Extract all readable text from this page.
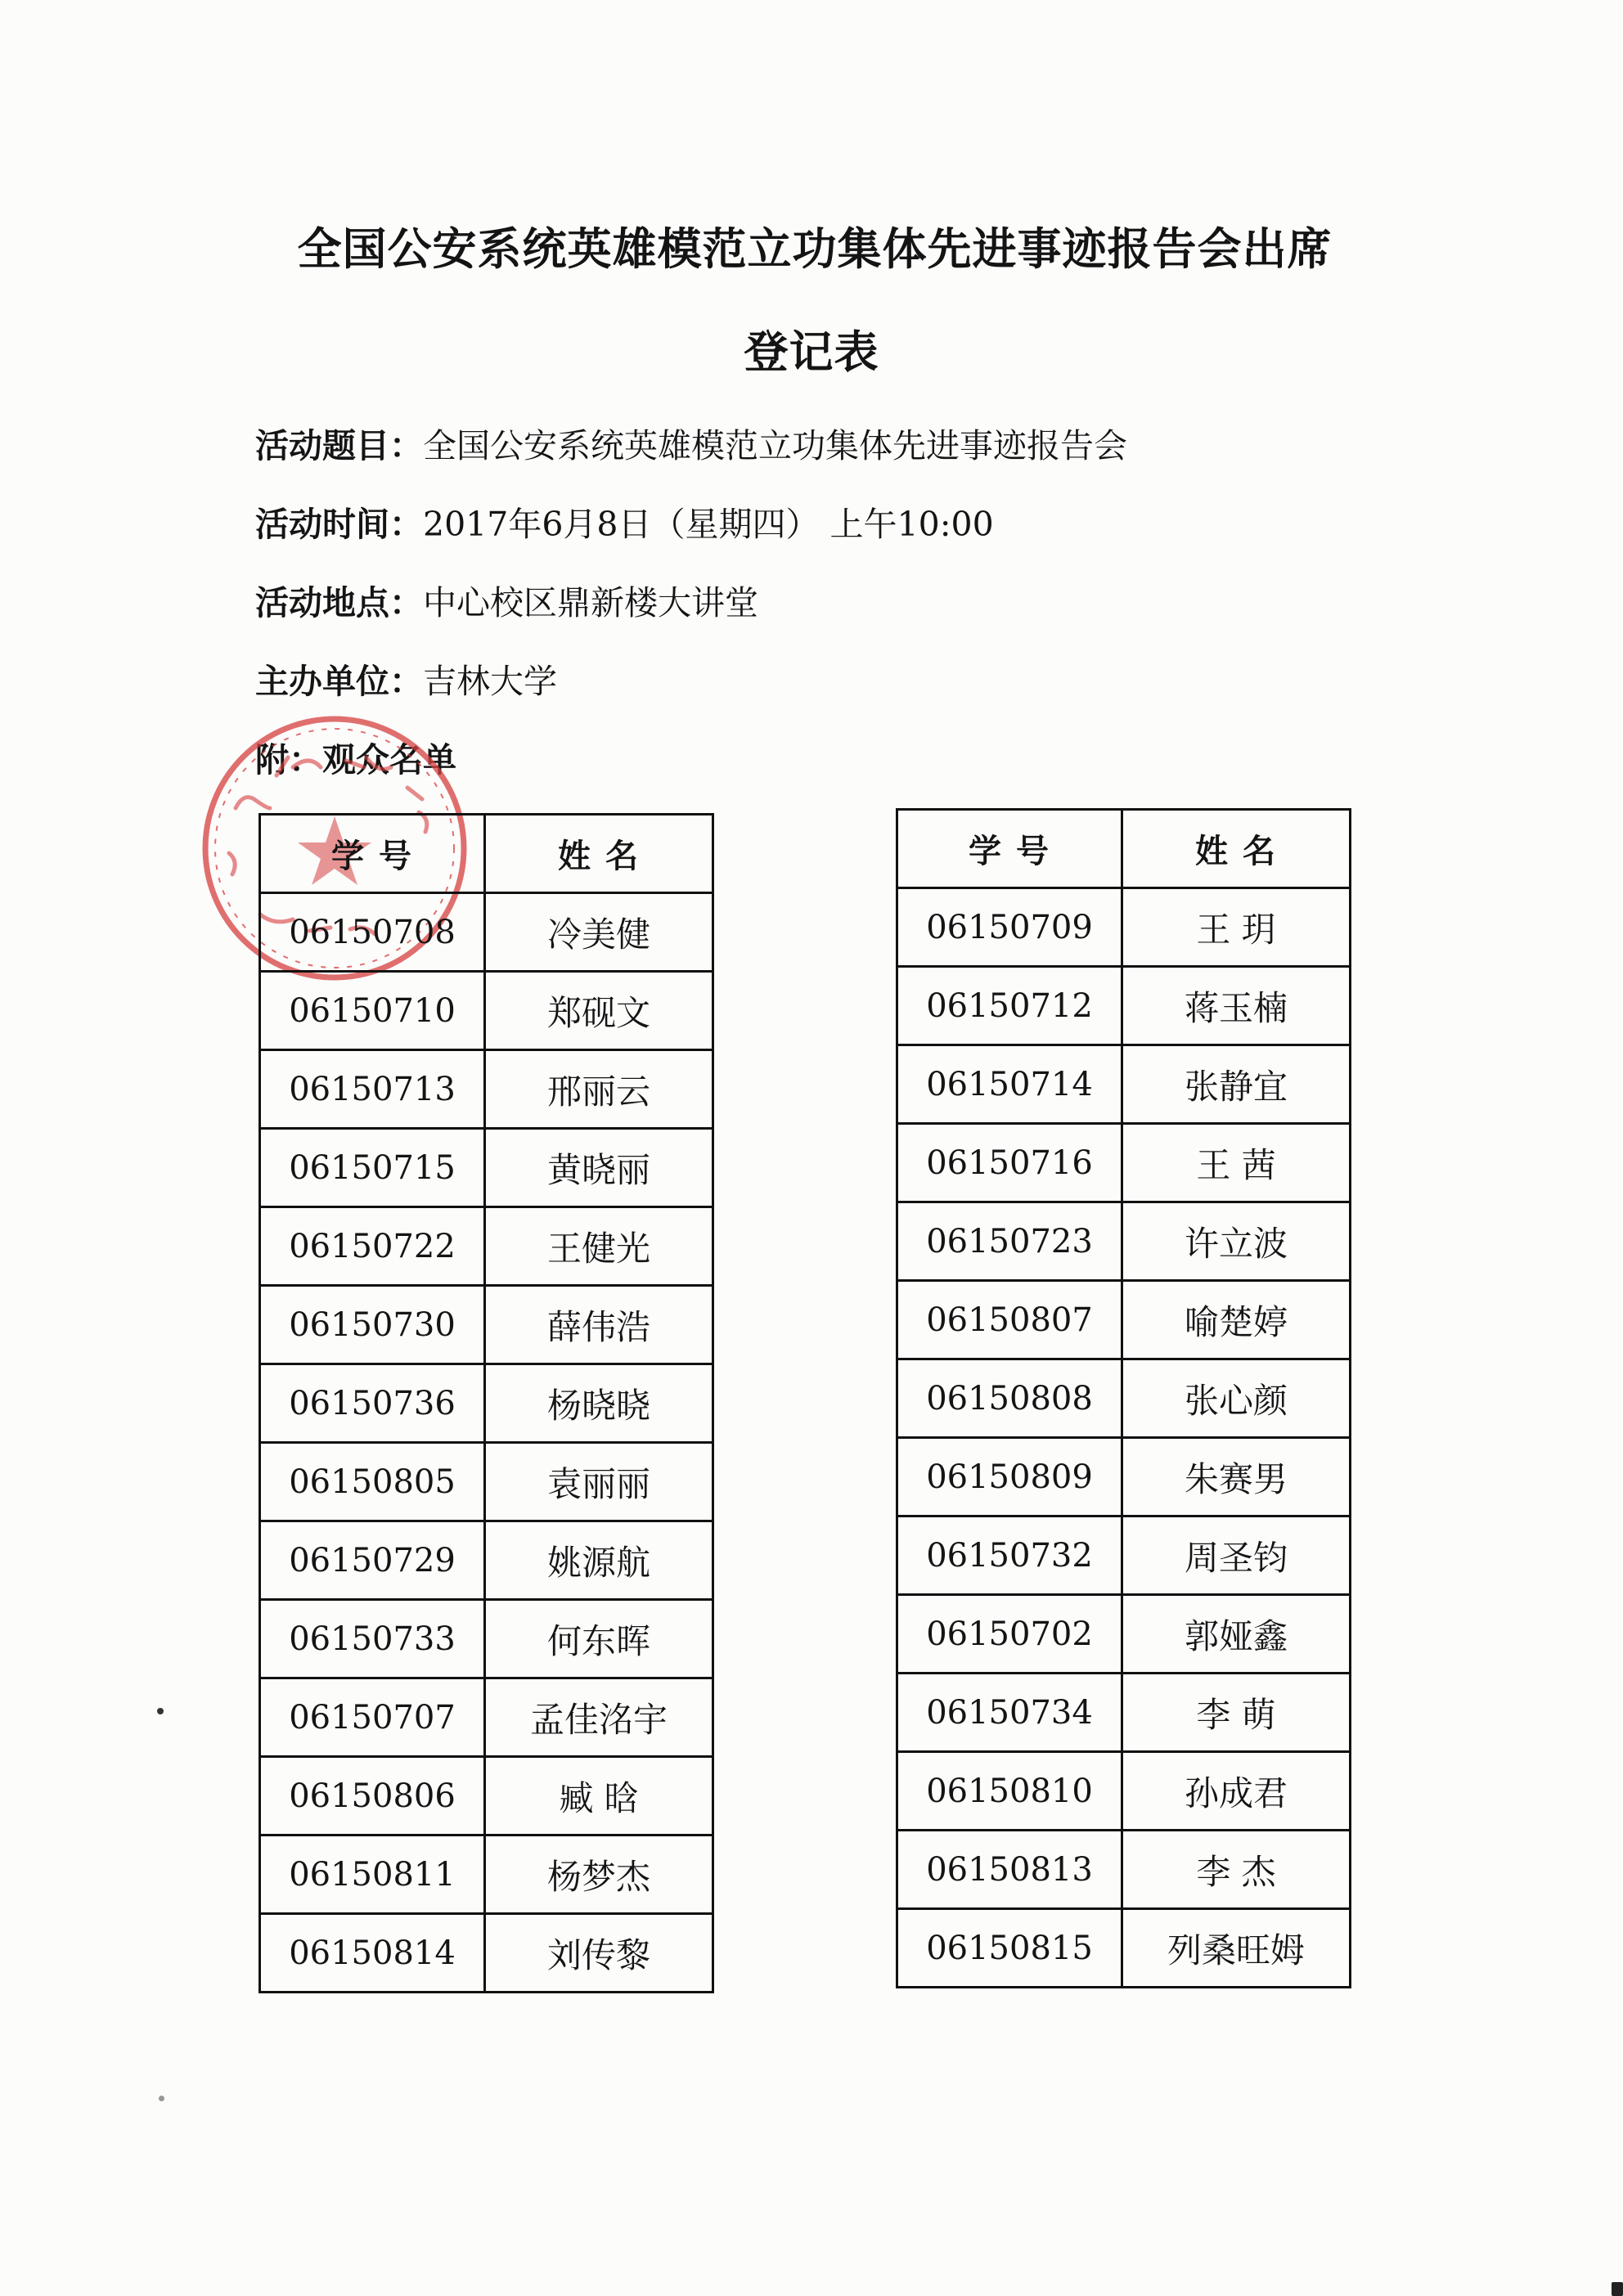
全国公安系统英雄模范立功集体先进事迹报告会出席
登记表

活动题目：全国公安系统英雄模范立功集体先进事迹报告会

活动时间：2017年6月8日（星期四） 上午10:00

活动地点：中心校区鼎新楼大讲堂

主办单位：吉林大学

附：观众名单

学 号	姓 名
06150708	冷美健
06150710	郑砚文
06150713	邢丽云
06150715	黄晓丽
06150722	王健光
06150730	薛伟浩
06150736	杨晓晓
06150805	袁丽丽
06150729	姚源航
06150733	何东晖
06150707	孟佳洺宇
06150806	臧 晗
06150811	杨梦杰
06150814	刘传黎
学 号	姓 名
06150709	王 玥
06150712	蒋玉楠
06150714	张静宜
06150716	王 茜
06150723	许立波
06150807	喻楚婷
06150808	张心颜
06150809	朱赛男
06150732	周圣钧
06150702	郭娅鑫
06150734	李 萌
06150810	孙成君
06150813	李 杰
06150815	列桑旺姆
